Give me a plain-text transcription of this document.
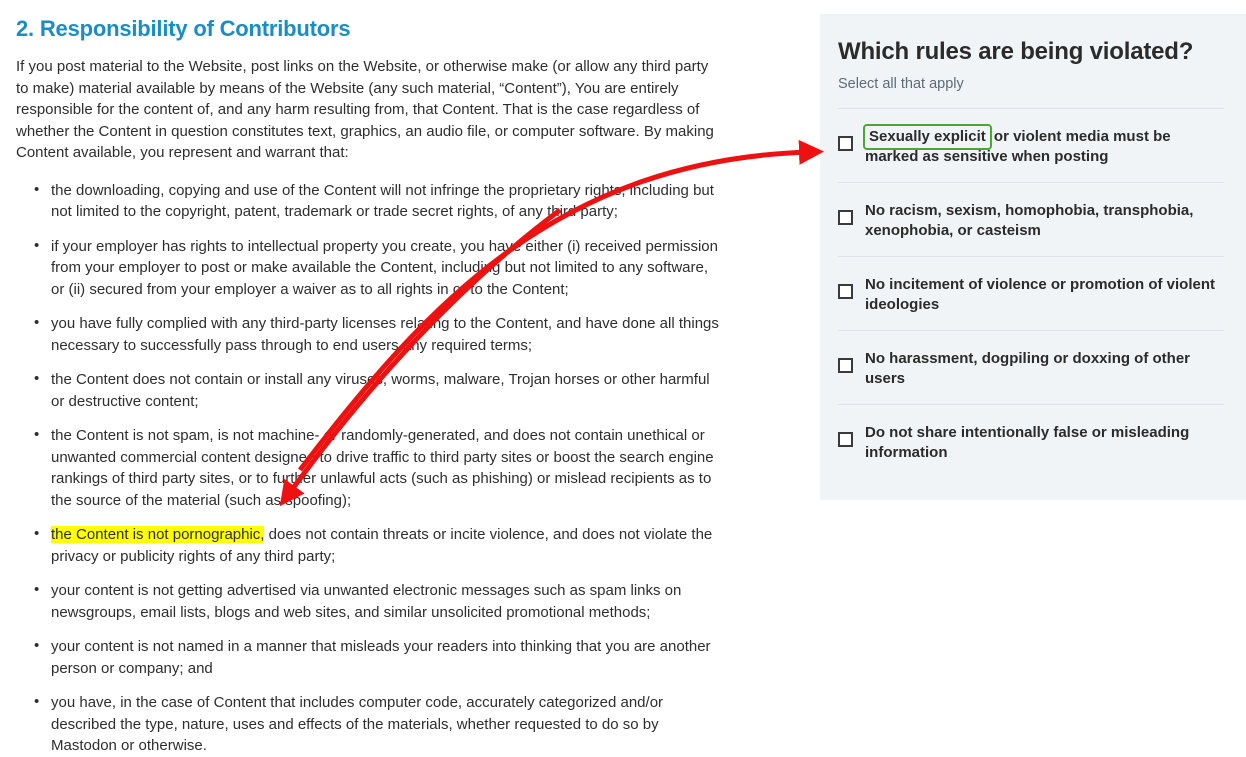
2. Responsibility of Contributors

If you post material to the Website, post links on the Website, or otherwise make (or allow any third party to make) material available by means of the Website (any such material, “Content”), You are entirely responsible for the content of, and any harm resulting from, that Content. That is the case regardless of whether the Content in question constitutes text, graphics, an audio file, or computer software. By making Content available, you represent and warrant that:

• the downloading, copying and use of the Content will not infringe the proprietary rights, including but not limited to the copyright, patent, trademark or trade secret rights, of any third party;
• if your employer has rights to intellectual property you create, you have either (i) received permission from your employer to post or make available the Content, including but not limited to any software, or (ii) secured from your employer a waiver as to all rights in or to the Content;
• you have fully complied with any third-party licenses relating to the Content, and have done all things necessary to successfully pass through to end users any required terms;
• the Content does not contain or install any viruses, worms, malware, Trojan horses or other harmful or destructive content;
• the Content is not spam, is not machine- or randomly-generated, and does not contain unethical or unwanted commercial content designed to drive traffic to third party sites or boost the search engine rankings of third party sites, or to further unlawful acts (such as phishing) or mislead recipients as to the source of the material (such as spoofing);
• the Content is not pornographic, does not contain threats or incite violence, and does not violate the privacy or publicity rights of any third party;
• your content is not getting advertised via unwanted electronic messages such as spam links on newsgroups, email lists, blogs and web sites, and similar unsolicited promotional methods;
• your content is not named in a manner that misleads your readers into thinking that you are another person or company; and
• you have, in the case of Content that includes computer code, accurately categorized and/or described the type, nature, uses and effects of the materials, whether requested to do so by Mastodon or otherwise.
Which rules are being violated?
Select all that apply
Sexually explicit or violent media must be marked as sensitive when posting
No racism, sexism, homophobia, transphobia, xenophobia, or casteism
No incitement of violence or promotion of violent ideologies
No harassment, dogpiling or doxxing of other users
Do not share intentionally false or misleading information
